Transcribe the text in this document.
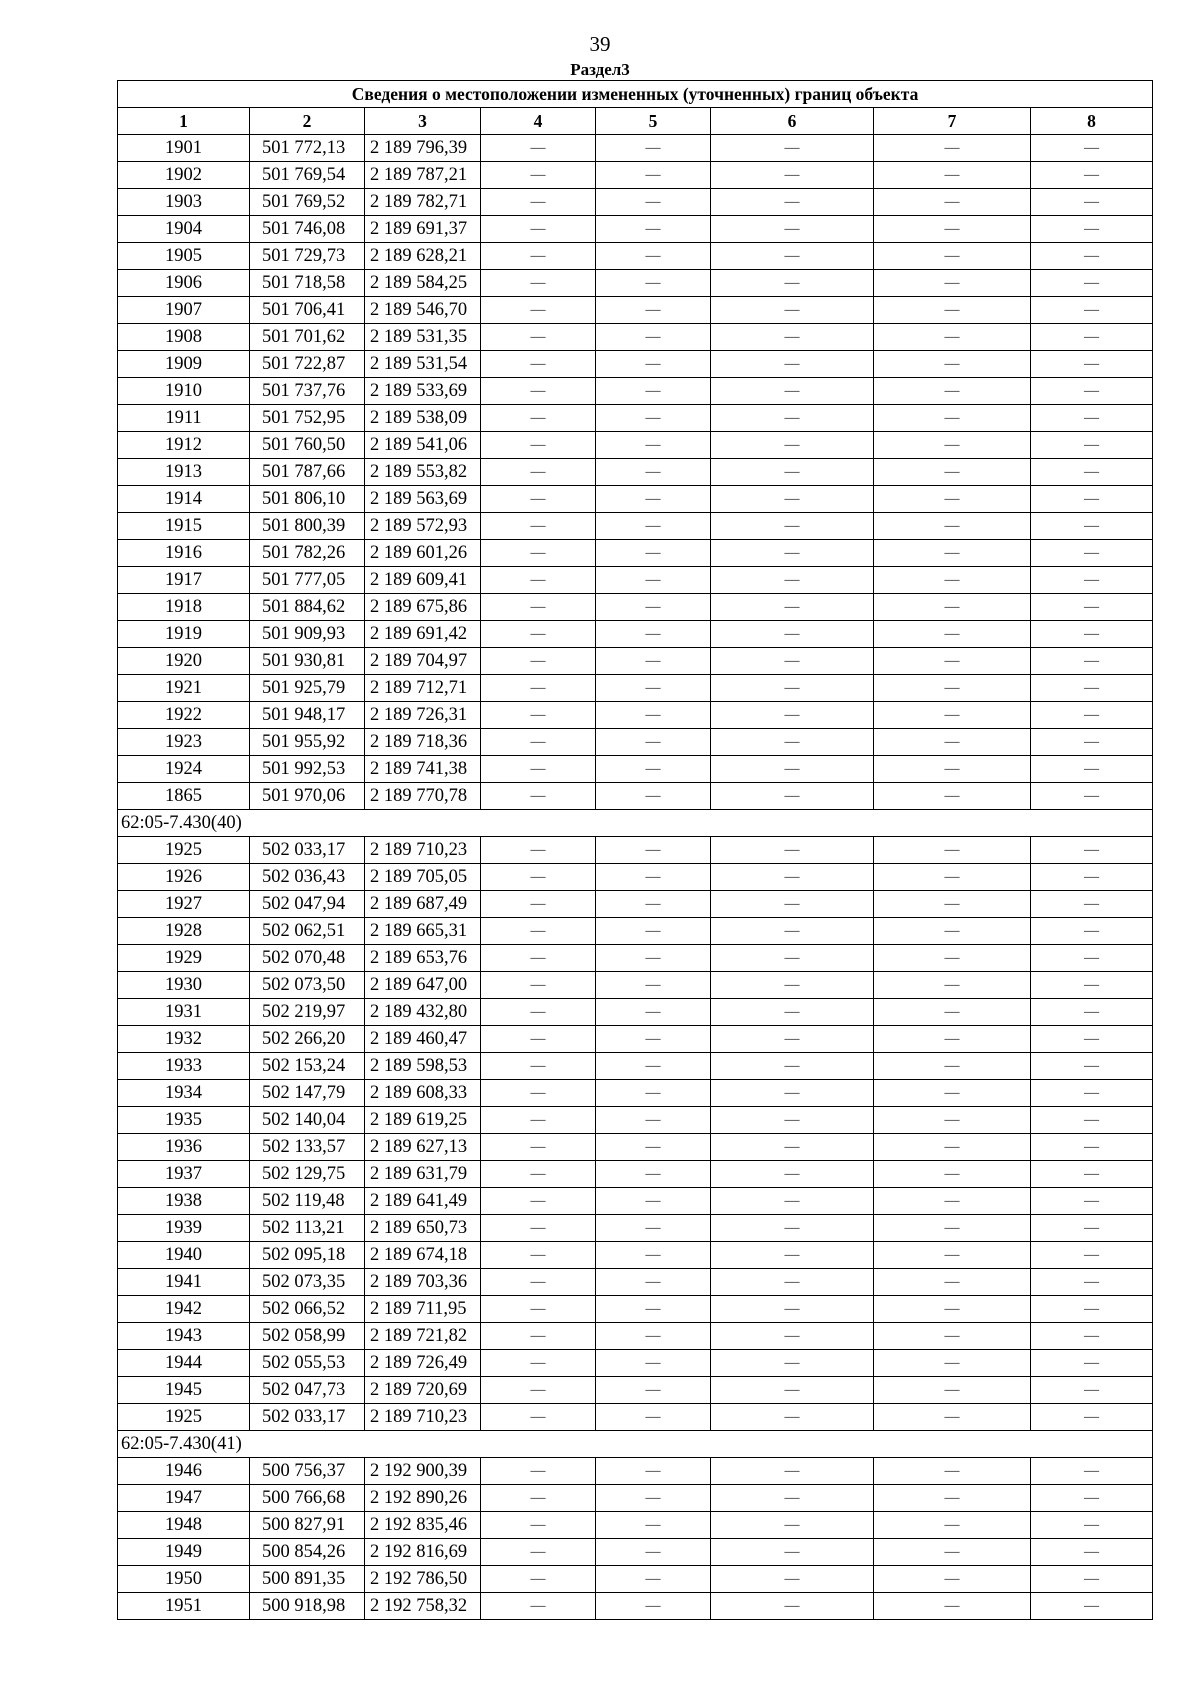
39
Раздел3
Сведения о местоположении измененных (уточненных) границ объекта							
1	2	3	4	5	6	7	8
1901	501 772,13	2 189 796,39	—	—	—	—	—
1902	501 769,54	2 189 787,21	—	—	—	—	—
1903	501 769,52	2 189 782,71	—	—	—	—	—
1904	501 746,08	2 189 691,37	—	—	—	—	—
1905	501 729,73	2 189 628,21	—	—	—	—	—
1906	501 718,58	2 189 584,25	—	—	—	—	—
1907	501 706,41	2 189 546,70	—	—	—	—	—
1908	501 701,62	2 189 531,35	—	—	—	—	—
1909	501 722,87	2 189 531,54	—	—	—	—	—
1910	501 737,76	2 189 533,69	—	—	—	—	—
1911	501 752,95	2 189 538,09	—	—	—	—	—
1912	501 760,50	2 189 541,06	—	—	—	—	—
1913	501 787,66	2 189 553,82	—	—	—	—	—
1914	501 806,10	2 189 563,69	—	—	—	—	—
1915	501 800,39	2 189 572,93	—	—	—	—	—
1916	501 782,26	2 189 601,26	—	—	—	—	—
1917	501 777,05	2 189 609,41	—	—	—	—	—
1918	501 884,62	2 189 675,86	—	—	—	—	—
1919	501 909,93	2 189 691,42	—	—	—	—	—
1920	501 930,81	2 189 704,97	—	—	—	—	—
1921	501 925,79	2 189 712,71	—	—	—	—	—
1922	501 948,17	2 189 726,31	—	—	—	—	—
1923	501 955,92	2 189 718,36	—	—	—	—	—
1924	501 992,53	2 189 741,38	—	—	—	—	—
1865	501 970,06	2 189 770,78	—	—	—	—	—
62:05-7.430(40)							
1925	502 033,17	2 189 710,23	—	—	—	—	—
1926	502 036,43	2 189 705,05	—	—	—	—	—
1927	502 047,94	2 189 687,49	—	—	—	—	—
1928	502 062,51	2 189 665,31	—	—	—	—	—
1929	502 070,48	2 189 653,76	—	—	—	—	—
1930	502 073,50	2 189 647,00	—	—	—	—	—
1931	502 219,97	2 189 432,80	—	—	—	—	—
1932	502 266,20	2 189 460,47	—	—	—	—	—
1933	502 153,24	2 189 598,53	—	—	—	—	—
1934	502 147,79	2 189 608,33	—	—	—	—	—
1935	502 140,04	2 189 619,25	—	—	—	—	—
1936	502 133,57	2 189 627,13	—	—	—	—	—
1937	502 129,75	2 189 631,79	—	—	—	—	—
1938	502 119,48	2 189 641,49	—	—	—	—	—
1939	502 113,21	2 189 650,73	—	—	—	—	—
1940	502 095,18	2 189 674,18	—	—	—	—	—
1941	502 073,35	2 189 703,36	—	—	—	—	—
1942	502 066,52	2 189 711,95	—	—	—	—	—
1943	502 058,99	2 189 721,82	—	—	—	—	—
1944	502 055,53	2 189 726,49	—	—	—	—	—
1945	502 047,73	2 189 720,69	—	—	—	—	—
1925	502 033,17	2 189 710,23	—	—	—	—	—
62:05-7.430(41)							
1946	500 756,37	2 192 900,39	—	—	—	—	—
1947	500 766,68	2 192 890,26	—	—	—	—	—
1948	500 827,91	2 192 835,46	—	—	—	—	—
1949	500 854,26	2 192 816,69	—	—	—	—	—
1950	500 891,35	2 192 786,50	—	—	—	—	—
1951	500 918,98	2 192 758,32	—	—	—	—	—
